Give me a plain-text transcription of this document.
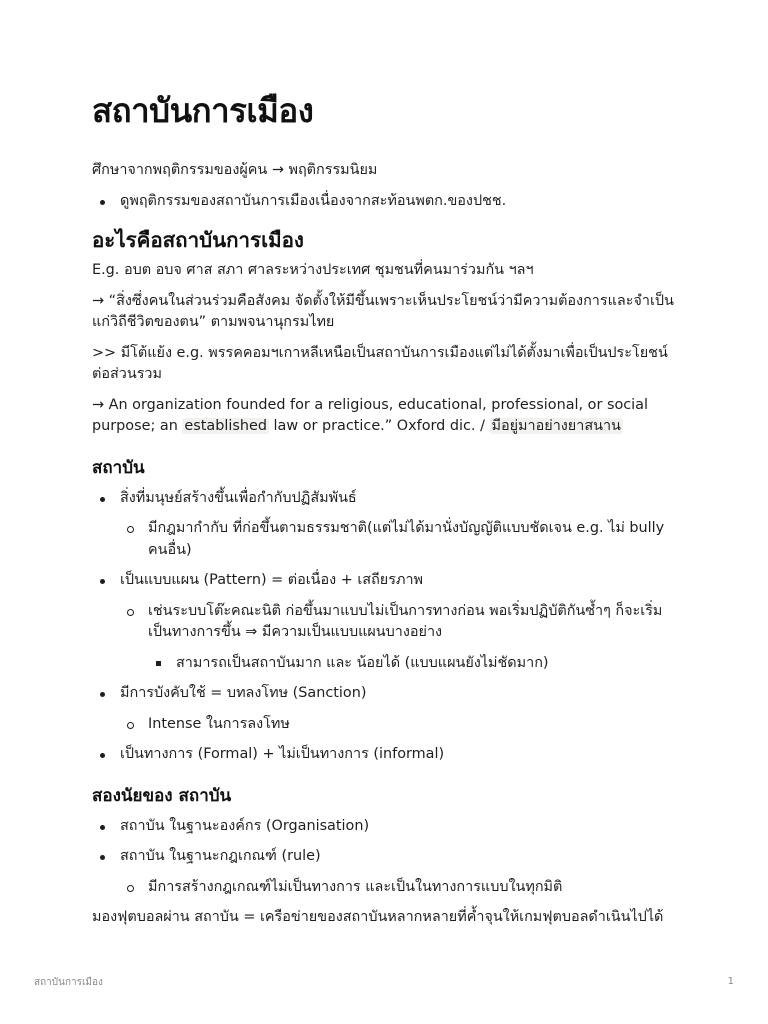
สถาบันการเมือง

ศึกษาจากพฤติกรรมของผู้คน → พฤติกรรมนิยม

ดูพฤติกรรมของสถาบันการเมืองเนื่องจากสะท้อนพตก.ของปชช.
อะไรคือสถาบันการเมือง

E.g. อบต อบจ ศาส สภา ศาลระหว่างประเทศ ชุมชนที่คนมาร่วมกัน ฯลฯ

→ “สิ่งซึ่งคนในส่วนร่วมคือสังคม จัดตั้งให้มีขึ้นเพราะเห็นประโยชน์ว่ามีความต้องการและจำเป็นแก่วิถีชีวิตของตน” ตามพจนานุกรมไทย

>> มีโต้แย้ง e.g. พรรคคอมฯเกาหลีเหนือเป็นสถาบันการเมืองแต่ไม่ได้ตั้งมาเพื่อเป็นประโยชน์ต่อส่วนรวม

→ An organization founded for a religious, educational, professional, or social purpose; an established law or practice.” Oxford dic. / มีอยู่มาอย่างยาสนาน

สถาบัน
สิ่งที่มนุษย์สร้างขึ้นเพื่อกำกับปฏิสัมพันธ์
มีกฎมากำกับ ที่ก่อขึ้นตามธรรมชาติ(แต่ไม่ได้มานั่งบัญญัติแบบชัดเจน e.g. ไม่ bully คนอื่น)
เป็นแบบแผน (Pattern) = ต่อเนื่อง + เสถียรภาพ
เช่นระบบโต๊ะคณะนิติ ก่อขึ้นมาแบบไม่เป็นการทางก่อน พอเริ่มปฏิบัติกันซ้ำๆ ก็จะเริ่มเป็นทางการขึ้น ⇒ มีความเป็นแบบแผนบางอย่าง
สามารถเป็นสถาบันมาก และ น้อยได้ (แบบแผนยังไม่ชัดมาก)
มีการบังคับใช้ = บทลงโทษ (Sanction)
Intense ในการลงโทษ
เป็นทางการ (Formal) + ไม่เป็นทางการ (informal)
สองนัยของ สถาบัน
สถาบัน ในฐานะองค์กร (Organisation)
สถาบัน ในฐานะกฎเกณฑ์ (rule)
มีการสร้างกฎเกณฑ์ไม่เป็นทางการ และเป็นในทางการแบบในทุกมิติ

มองฟุตบอลผ่าน สถาบัน = เครือข่ายของสถาบันหลากหลายที่ค้ำจุนให้เกมฟุตบอลดำเนินไปได้

สถาบันการเมือง	1
